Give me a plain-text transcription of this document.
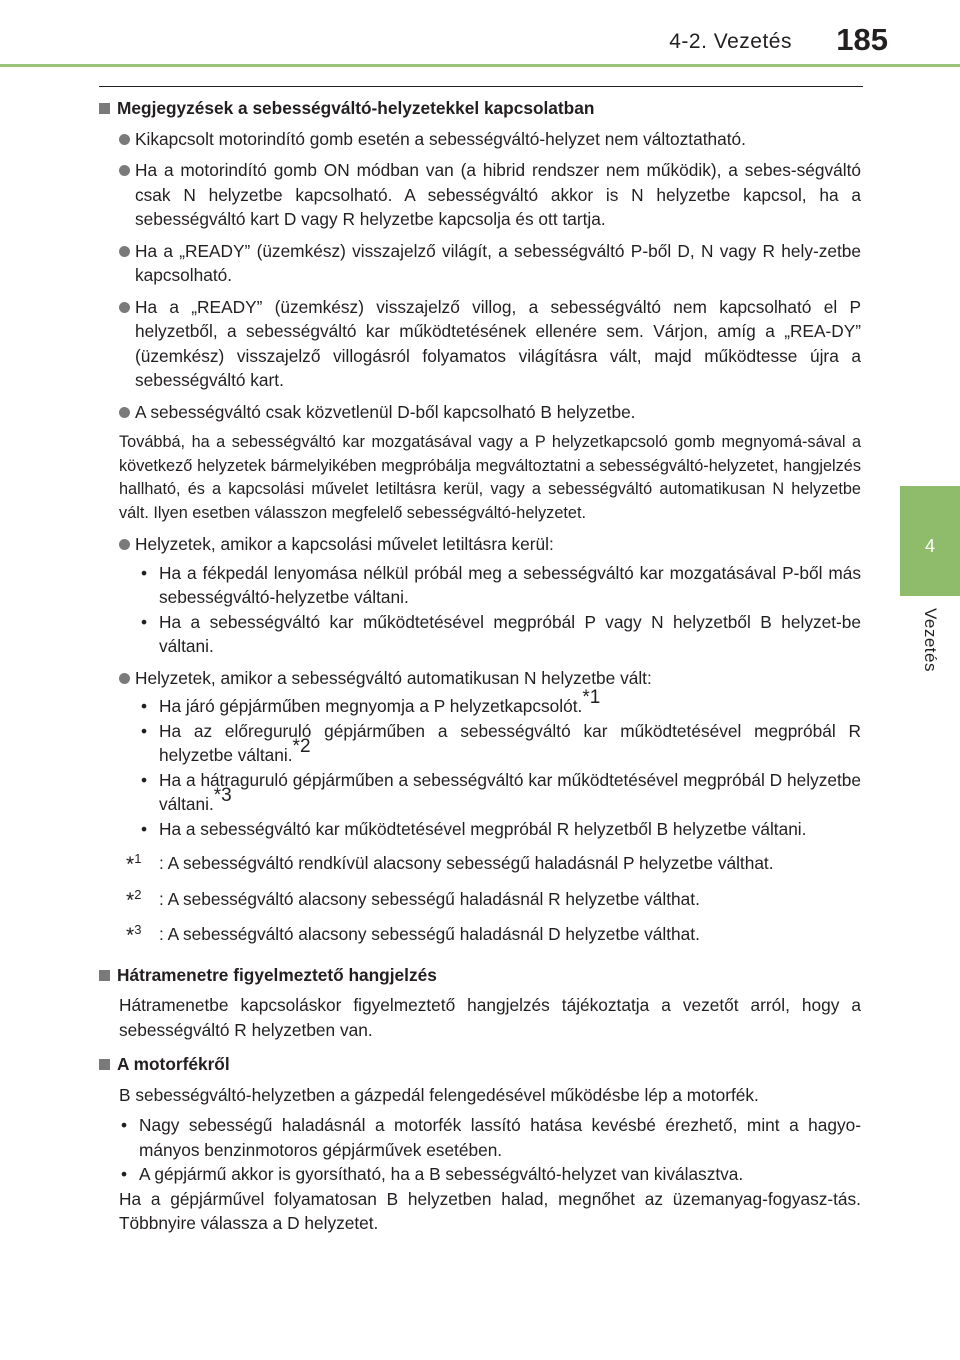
4-2. Vezetés 185
4
Vezetés
Megjegyzések a sebességváltó-helyzetekkel kapcsolatban
Kikapcsolt motorindító gomb esetén a sebességváltó-helyzet nem változtatható.
Ha a motorindító gomb ON módban van (a hibrid rendszer nem működik), a sebes-ségváltó csak N helyzetbe kapcsolható. A sebességváltó akkor is N helyzetbe kapcsol, ha a sebességváltó kart D vagy R helyzetbe kapcsolja és ott tartja.
Ha a „READY” (üzemkész) visszajelző világít, a sebességváltó P-ből D, N vagy R hely-zetbe kapcsolható.
Ha a „READY” (üzemkész) visszajelző villog, a sebességváltó nem kapcsolható el P helyzetből, a sebességváltó kar működtetésének ellenére sem. Várjon, amíg a „REA-DY” (üzemkész) visszajelző villogásról folyamatos világításra vált, majd működtesse újra a sebességváltó kart.
A sebességváltó csak közvetlenül D-ből kapcsolható B helyzetbe.
Továbbá, ha a sebességváltó kar mozgatásával vagy a P helyzetkapcsoló gomb megnyomá-sával a következő helyzetek bármelyikében megpróbálja megváltoztatni a sebességváltó-helyzetet, hangjelzés hallható, és a kapcsolási művelet letiltásra kerül, vagy a sebességváltó automatikusan N helyzetbe vált. Ilyen esetben válasszon megfelelő sebességváltó-helyzetet.
Helyzetek, amikor a kapcsolási művelet letiltásra kerül:
• Ha a fékpedál lenyomása nélkül próbál meg a sebességváltó kar mozgatásával P-ből más sebességváltó-helyzetbe váltani.
• Ha a sebességváltó kar működtetésével megpróbál P vagy N helyzetből B helyzet-be váltani.
Helyzetek, amikor a sebességváltó automatikusan N helyzetbe vált:
• Ha járó gépjárműben megnyomja a P helyzetkapcsolót.$^{*1}$
• Ha az előreguruló gépjárműben a sebességváltó kar működtetésével megpróbál R helyzetbe váltani.$^{*2}$
• Ha a hátraguruló gépjárműben a sebességváltó kar működtetésével megpróbál D helyzetbe váltani.$^{*3}$
• Ha a sebességváltó kar működtetésével megpróbál R helyzetből B helyzetbe váltani.
*$^1$ : A sebességváltó rendkívül alacsony sebességű haladásnál P helyzetbe válthat.
*$^2$ : A sebességváltó alacsony sebességű haladásnál R helyzetbe válthat.
*$^3$ : A sebességváltó alacsony sebességű haladásnál D helyzetbe válthat.
Hátramenetre figyelmeztető hangjelzés
Hátramenetbe kapcsoláskor figyelmeztető hangjelzés tájékoztatja a vezetőt arról, hogy a sebességváltó R helyzetben van.
A motorfékről
B sebességváltó-helyzetben a gázpedál felengedésével működésbe lép a motorfék.
• Nagy sebességű haladásnál a motorfék lassító hatása kevésbé érezhető, mint a hagyo-mányos benzinmotoros gépjárművek esetében.
• A gépjármű akkor is gyorsítható, ha a B sebességváltó-helyzet van kiválasztva.
Ha a gépjárművel folyamatosan B helyzetben halad, megnőhet az üzemanyag-fogyasz-tás. Többnyire válassza a D helyzetet.
